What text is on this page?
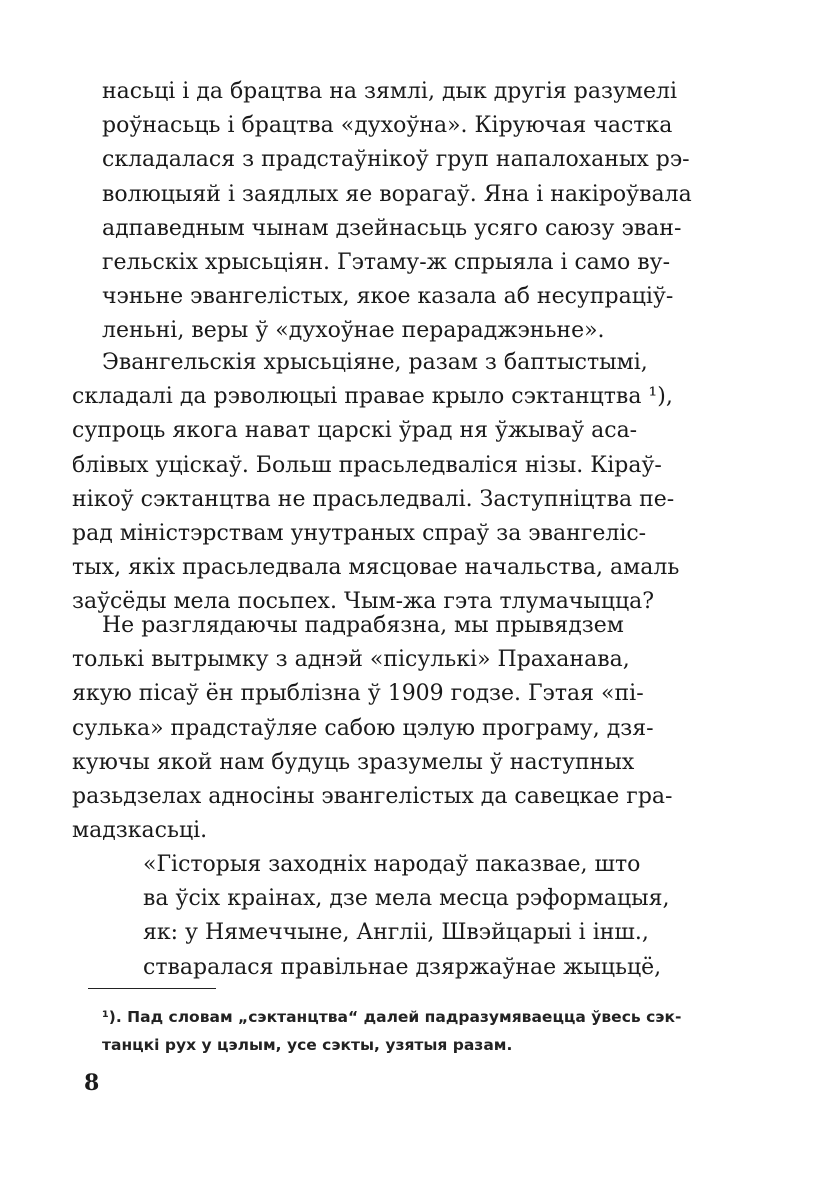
насьці і да брацтва на зямлі, дык другія разумелі
роўнасьць і брацтва «духоўна». Кіруючая частка
складалася з прадстаўнікоў груп напалоханых рэ-
волюцыяй і заядлых яе ворагаў. Яна і накіроўвала
адпаведным чынам дзейнасьць усяго саюзу эван-
гельскіх хрысьціян. Гэтаму-ж спрыяла і само ву-
чэньне эвангелістых, якое казала аб несупраціў-
леньні, веры ў «духоўнае перараджэньне».
Эвангельскія хрысьціяне, разам з баптыстымі,
складалі да рэволюцыі правае крыло сэктанцтва ¹),
супроць якога нават царскі ўрад ня ўжываў аса-
блівых уціскаў. Больш прасьледваліся нізы. Кіраў-
нікоў сэктанцтва не прасьледвалі. Заступніцтва пе-
рад міністэрствам унутраных спраў за эвангеліс-
тых, якіх прасьледвала мясцовае начальства, амаль
заўсёды мела посьпех. Чым-жа гэта тлумачыцца?
Не разглядаючы падрабязна, мы прывядзем
толькі вытрымку з аднэй «пісулькі» Праханава,
якую пісаў ён прыблізна ў 1909 годзе. Гэтая «пі-
сулька» прадстаўляе сабою цэлую програму, дзя-
куючы якой нам будуць зразумелы ў наступных
разьдзелах адносіны эвангелістых да савецкае гра-
мадзкасьці.
«Гісторыя заходніх народаў паказвае, што
ва ўсіх краінах, дзе мела месца рэформацыя,
як: у Нямеччыне, Англіі, Швэйцарыі і інш.,
стваралася правільнае дзяржаўнае жыцьцё,
¹). Пад словам „сэктанцтва“ далей падразумяваецца ўвесь сэк-
танцкі рух у цэлым, усе сэкты, узятыя разам.
8
